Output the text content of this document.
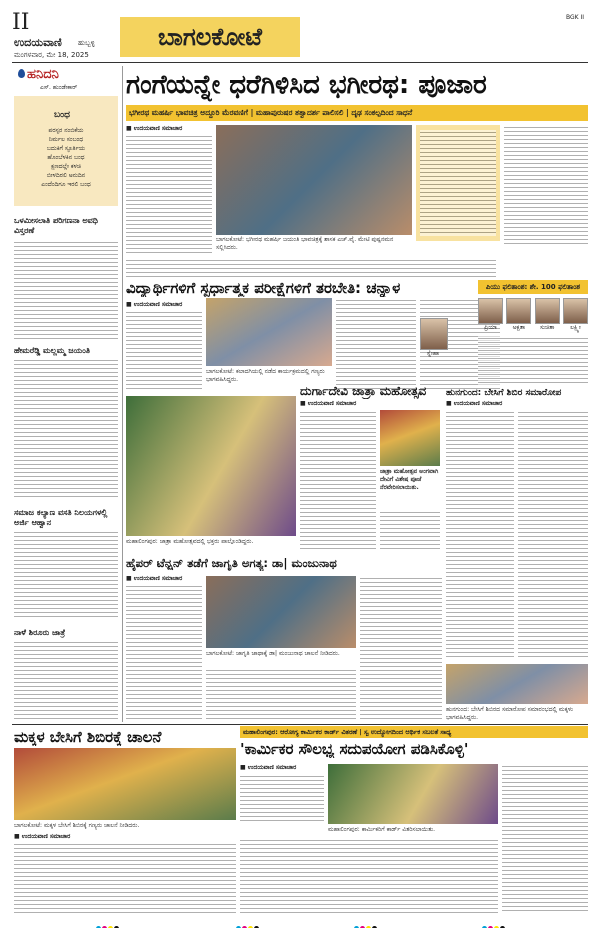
II
ಉದಯವಾಣಿ ಹುಬ್ಬಳ್ಳಿ
ಮಂಗಳವಾರ, ಮೇ 18, 2025
ಬಾಗಲಕೋಟೆ
BGK II
ಹನಿದನಿ
ಎಸ್. ಹುಂಡೇಕಾರ್
ಬಂಧ
ಪರಸ್ಪರ ನಂಬಿಕೆಯ
ನಿರ್ಮಲ ಸಂಬಂಧ
ಬದುಕಿಗೆ ಸ್ಫೂರ್ತಿಯ
ಹೊಂಬೆಳಕಿನ ಬಂಧ
ಕ್ಷಣದಲ್ಲೇ ಕಳಚಿ
ಬೀಳದಿರಲಿ ಅನುದಿನ
ಎಂದೆಂದಿಗೂ ಇರಲಿ ಬಂಧ
ಒಳಮೀಸಲಾತಿ ಪರಿಗಣನಾ ಅವಧಿ ವಿಸ್ತರಣೆ
ಹೇಮರೆಡ್ಡಿ ಮಲ್ಲಮ್ಮ ಜಯಂತಿ
ಸಮಾಜ ಕಲ್ಯಾಣ ವಸತಿ ನಿಲಯಗಳಲ್ಲಿ ಅರ್ಜಿ ಆಹ್ವಾನ
ನಾಳೆ ಶಿರೂರು ಜಾತ್ರೆ
ಗಂಗೆಯನ್ನೇ ಧರೆಗಿಳಿಸಿದ ಭಗೀರಥ: ಪೂಜಾರ
ಭಗೀರಥ ಮಹರ್ಷಿ ಭಾವಚಿತ್ರ ಅದ್ದೂರಿ ಮೆರವಣಿಗೆ | ಮಹಾಪುರುಷರ ತತ್ವಾದರ್ಶ ಪಾಲಿಸಲಿ | ದೃಢ ಸಂಕಲ್ಪದಿಂದ ಸಾಧನೆ
■ ಉದಯವಾಣಿ ಸಮಾಚಾರ
ಬಾಗಲಕೋಟೆ: ಭಗೀರಥ ಮಹರ್ಷಿ ಜಯಂತಿ ಭಾವಚಿತ್ರಕ್ಕೆ ಶಾಸಕ ಎಚ್.ವೈ. ಮೇಟಿ ಪುಷ್ಪನಮನ ಸಲ್ಲಿಸಿದರು.
ವಿದ್ಯಾರ್ಥಿಗಳಿಗೆ ಸ್ಪರ್ಧಾತ್ಮಕ ಪರೀಕ್ಷೆಗಳಿಗೆ ತರಬೇತಿ: ಚನ್ನಾಳ
■ ಉದಯವಾಣಿ ಸಮಾಚಾರ
ಬಾಗಲಕೋಟೆ: ಕಲಾದಗಿಯಲ್ಲಿ ನಡೆದ ಕಾರ್ಯಕ್ರಮದಲ್ಲಿ ಗಣ್ಯರು ಭಾಗವಹಿಸಿದ್ದರು.
ಪಿಯು ಫಲಿತಾಂಶ: ಶೇ. 100 ಫಲಿತಾಂಶ
ಪ್ರಿಯಾ	ಅಕ್ಷತಾ	ಸುಚಿತಾ	ಲಕ್ಷ್ಮೀ
ಸ್ನೇಹಾ
ಮಹಾಲಿಂಗಪುರ: ಜಾತ್ರಾ ಮಹೋತ್ಸವದಲ್ಲಿ ಭಕ್ತರು ಪಾಲ್ಗೊಂಡಿದ್ದರು.
ದುರ್ಗಾದೇವಿ ಜಾತ್ರಾ ಮಹೋತ್ಸವ
■ ಉದಯವಾಣಿ ಸಮಾಚಾರ
ಜಾತ್ರಾ ಮಹೋತ್ಸವ ಅಂಗವಾಗಿ ದೇವಿಗೆ ವಿಶೇಷ ಪೂಜೆ ನೆರವೇರಿಸಲಾಯಿತು.
ಹುನಗುಂದ: ಬೇಸಿಗೆ ಶಿಬಿರ ಸಮಾರೋಪ
■ ಉದಯವಾಣಿ ಸಮಾಚಾರ
ಹುನಗುಂದ: ಬೇಸಿಗೆ ಶಿಬಿರದ ಸಮಾರೋಪ ಸಮಾರಂಭದಲ್ಲಿ ಮಕ್ಕಳು ಭಾಗವಹಿಸಿದ್ದರು.
ಹೈಪರ್ ಟೆನ್ಷನ್ ತಡೆಗೆ ಜಾಗೃತಿ ಅಗತ್ಯ: ಡಾ| ಮಂಜುನಾಥ
■ ಉದಯವಾಣಿ ಸಮಾಚಾರ
ಬಾಗಲಕೋಟೆ: ಜಾಗೃತಿ ಜಾಥಾಕ್ಕೆ ಡಾ| ಮಂಜುನಾಥ ಚಾಲನೆ ನೀಡಿದರು.
ಮಕ್ಕಳ ಬೇಸಿಗೆ ಶಿಬಿರಕ್ಕೆ ಚಾಲನೆ
ಬಾಗಲಕೋಟೆ: ಮಕ್ಕಳ ಬೇಸಿಗೆ ಶಿಬಿರಕ್ಕೆ ಗಣ್ಯರು ಚಾಲನೆ ನೀಡಿದರು.
■ ಉದಯವಾಣಿ ಸಮಾಚಾರ
ಮಹಾಲಿಂಗಪುರ: ಆರೋಗ್ಯ ಕಾರ್ಮಿಕರ ಕಾರ್ಡ್ ವಿತರಣೆ | ಸ್ವ ಉದ್ಯೋಗದಿಂದ ಆರ್ಥಿಕ ಸಬಲತೆ ಸಾಧ್ಯ
'ಕಾರ್ಮಿಕರ ಸೌಲಭ್ಯ ಸದುಪಯೋಗ ಪಡಿಸಿಕೊಳ್ಳಿ'
■ ಉದಯವಾಣಿ ಸಮಾಚಾರ
ಮಹಾಲಿಂಗಪುರ: ಕಾರ್ಮಿಕರಿಗೆ ಕಾರ್ಡ್ ವಿತರಿಸಲಾಯಿತು.
